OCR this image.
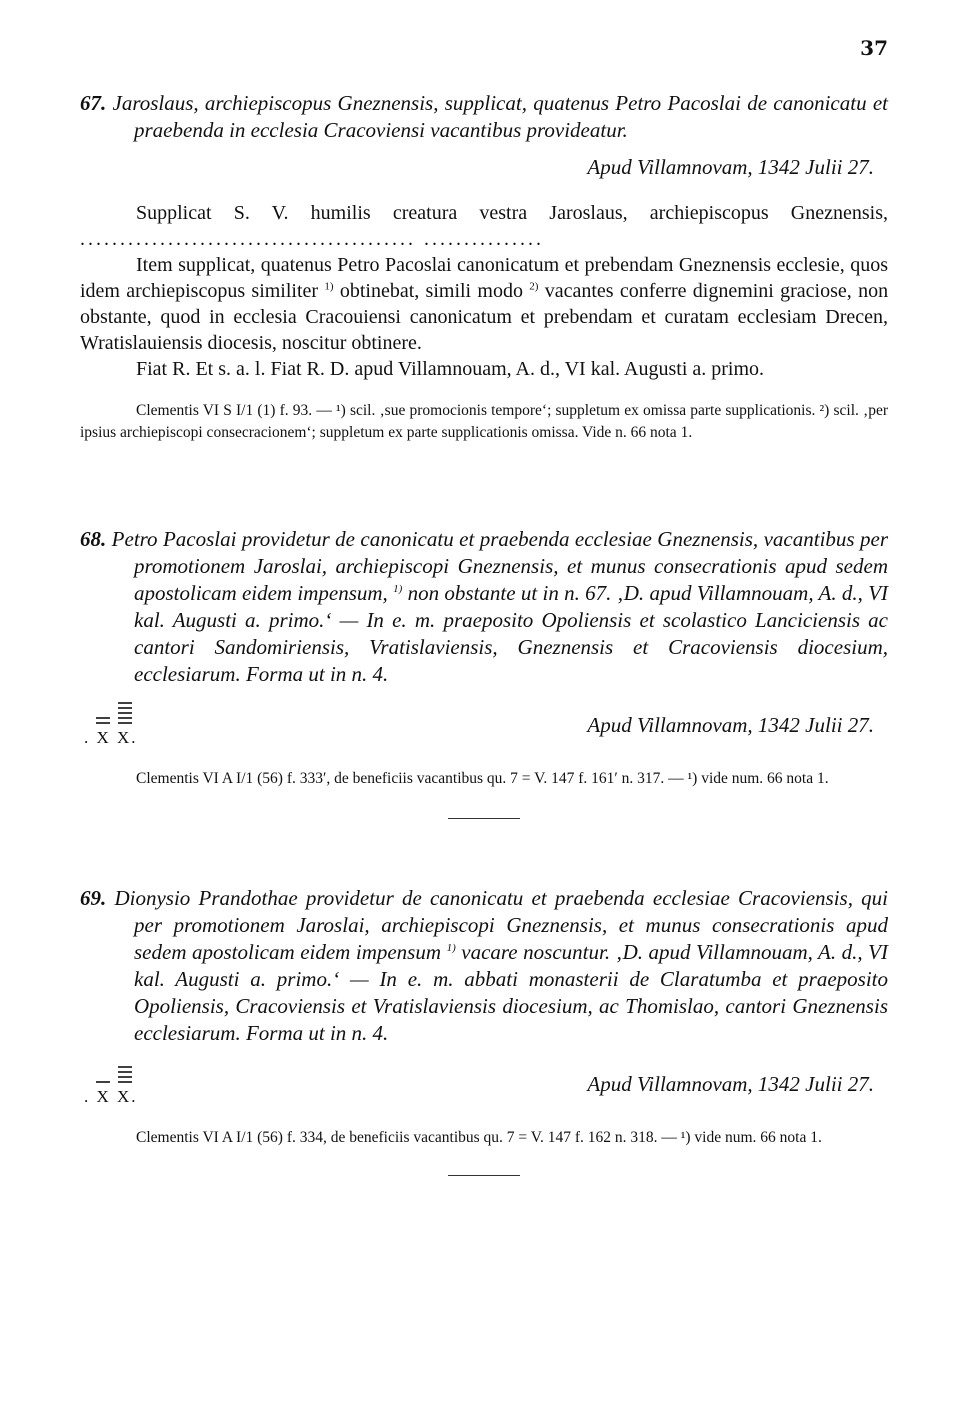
37

67. Jaroslaus, archiepiscopus Gneznensis, supplicat, quatenus Petro Pacoslai de canonicatu et praebenda in ecclesia Cracoviensi vacantibus provideatur.

Apud Villamnovam, 1342 Julii 27.

Supplicat S. V. humilis creatura vestra Jaroslaus, archiepiscopus Gneznensis, .......................................... ...............

Item supplicat, quatenus Petro Pacoslai canonicatum et prebendam Gneznensis ecclesie, quos idem archiepiscopus similiter $^{1)}$ obtinebat, simili modo $^{2)}$ vacantes conferre dignemini graciose, non obstante, quod in ecclesia Cracouiensi canonicatum et prebendam et curatam ecclesiam Drecen, Wratislauiensis diocesis, noscitur obtinere.

Fiat R. Et s. a. l. Fiat R. D. apud Villamnouam, A. d., VI kal. Augusti a. primo.

Clementis VI S I/1 (1) f. 93. — ¹) scil. ‚sue promocionis tempore‘; suppletum ex omissa parte supplicationis. ²) scil. ‚per ipsius archiepiscopi consecracionem‘; suppletum ex parte supplicationis omissa. Vide n. 66 nota 1.

68. Petro Pacoslai providetur de canonicatu et praebenda ecclesiae Gneznensis, vacantibus per promotionem Jaroslai, archiepiscopi Gneznensis, et munus consecrationis apud sedem apostolicam eidem impensum, $^{1)}$ non obstante ut in n. 67. ‚D. apud Villamnouam, A. d., VI kal. Augusti a. primo.‘ — In e. m. praeposito Opoliensis et scolastico Lanciciensis ac cantori Sandomiriensis, Vratislaviensis, Gneznensis et Cracoviensis diocesium, ecclesiarum. Forma ut in n. 4.

. X X.

Apud Villamnovam, 1342 Julii 27.

Clementis VI A I/1 (56) f. 333′, de beneficiis vacantibus qu. 7 = V. 147 f. 161′ n. 317. — ¹) vide num. 66 nota 1.

69. Dionysio Prandothae providetur de canonicatu et praebenda ecclesiae Cracoviensis, qui per promotionem Jaroslai, archiepiscopi Gneznensis, et munus consecrationis apud sedem apostolicam eidem impensum $^{1)}$ vacare noscuntur. ‚D. apud Villamnouam, A. d., VI kal. Augusti a. primo.‘ — In e. m. abbati monasterii de Claratumba et praeposito Opoliensis, Cracoviensis et Vratislaviensis diocesium, ac Thomislao, cantori Gneznensis ecclesiarum. Forma ut in n. 4.

. X X.

Apud Villamnovam, 1342 Julii 27.

Clementis VI A I/1 (56) f. 334, de beneficiis vacantibus qu. 7 = V. 147 f. 162 n. 318. — ¹) vide num. 66 nota 1.
